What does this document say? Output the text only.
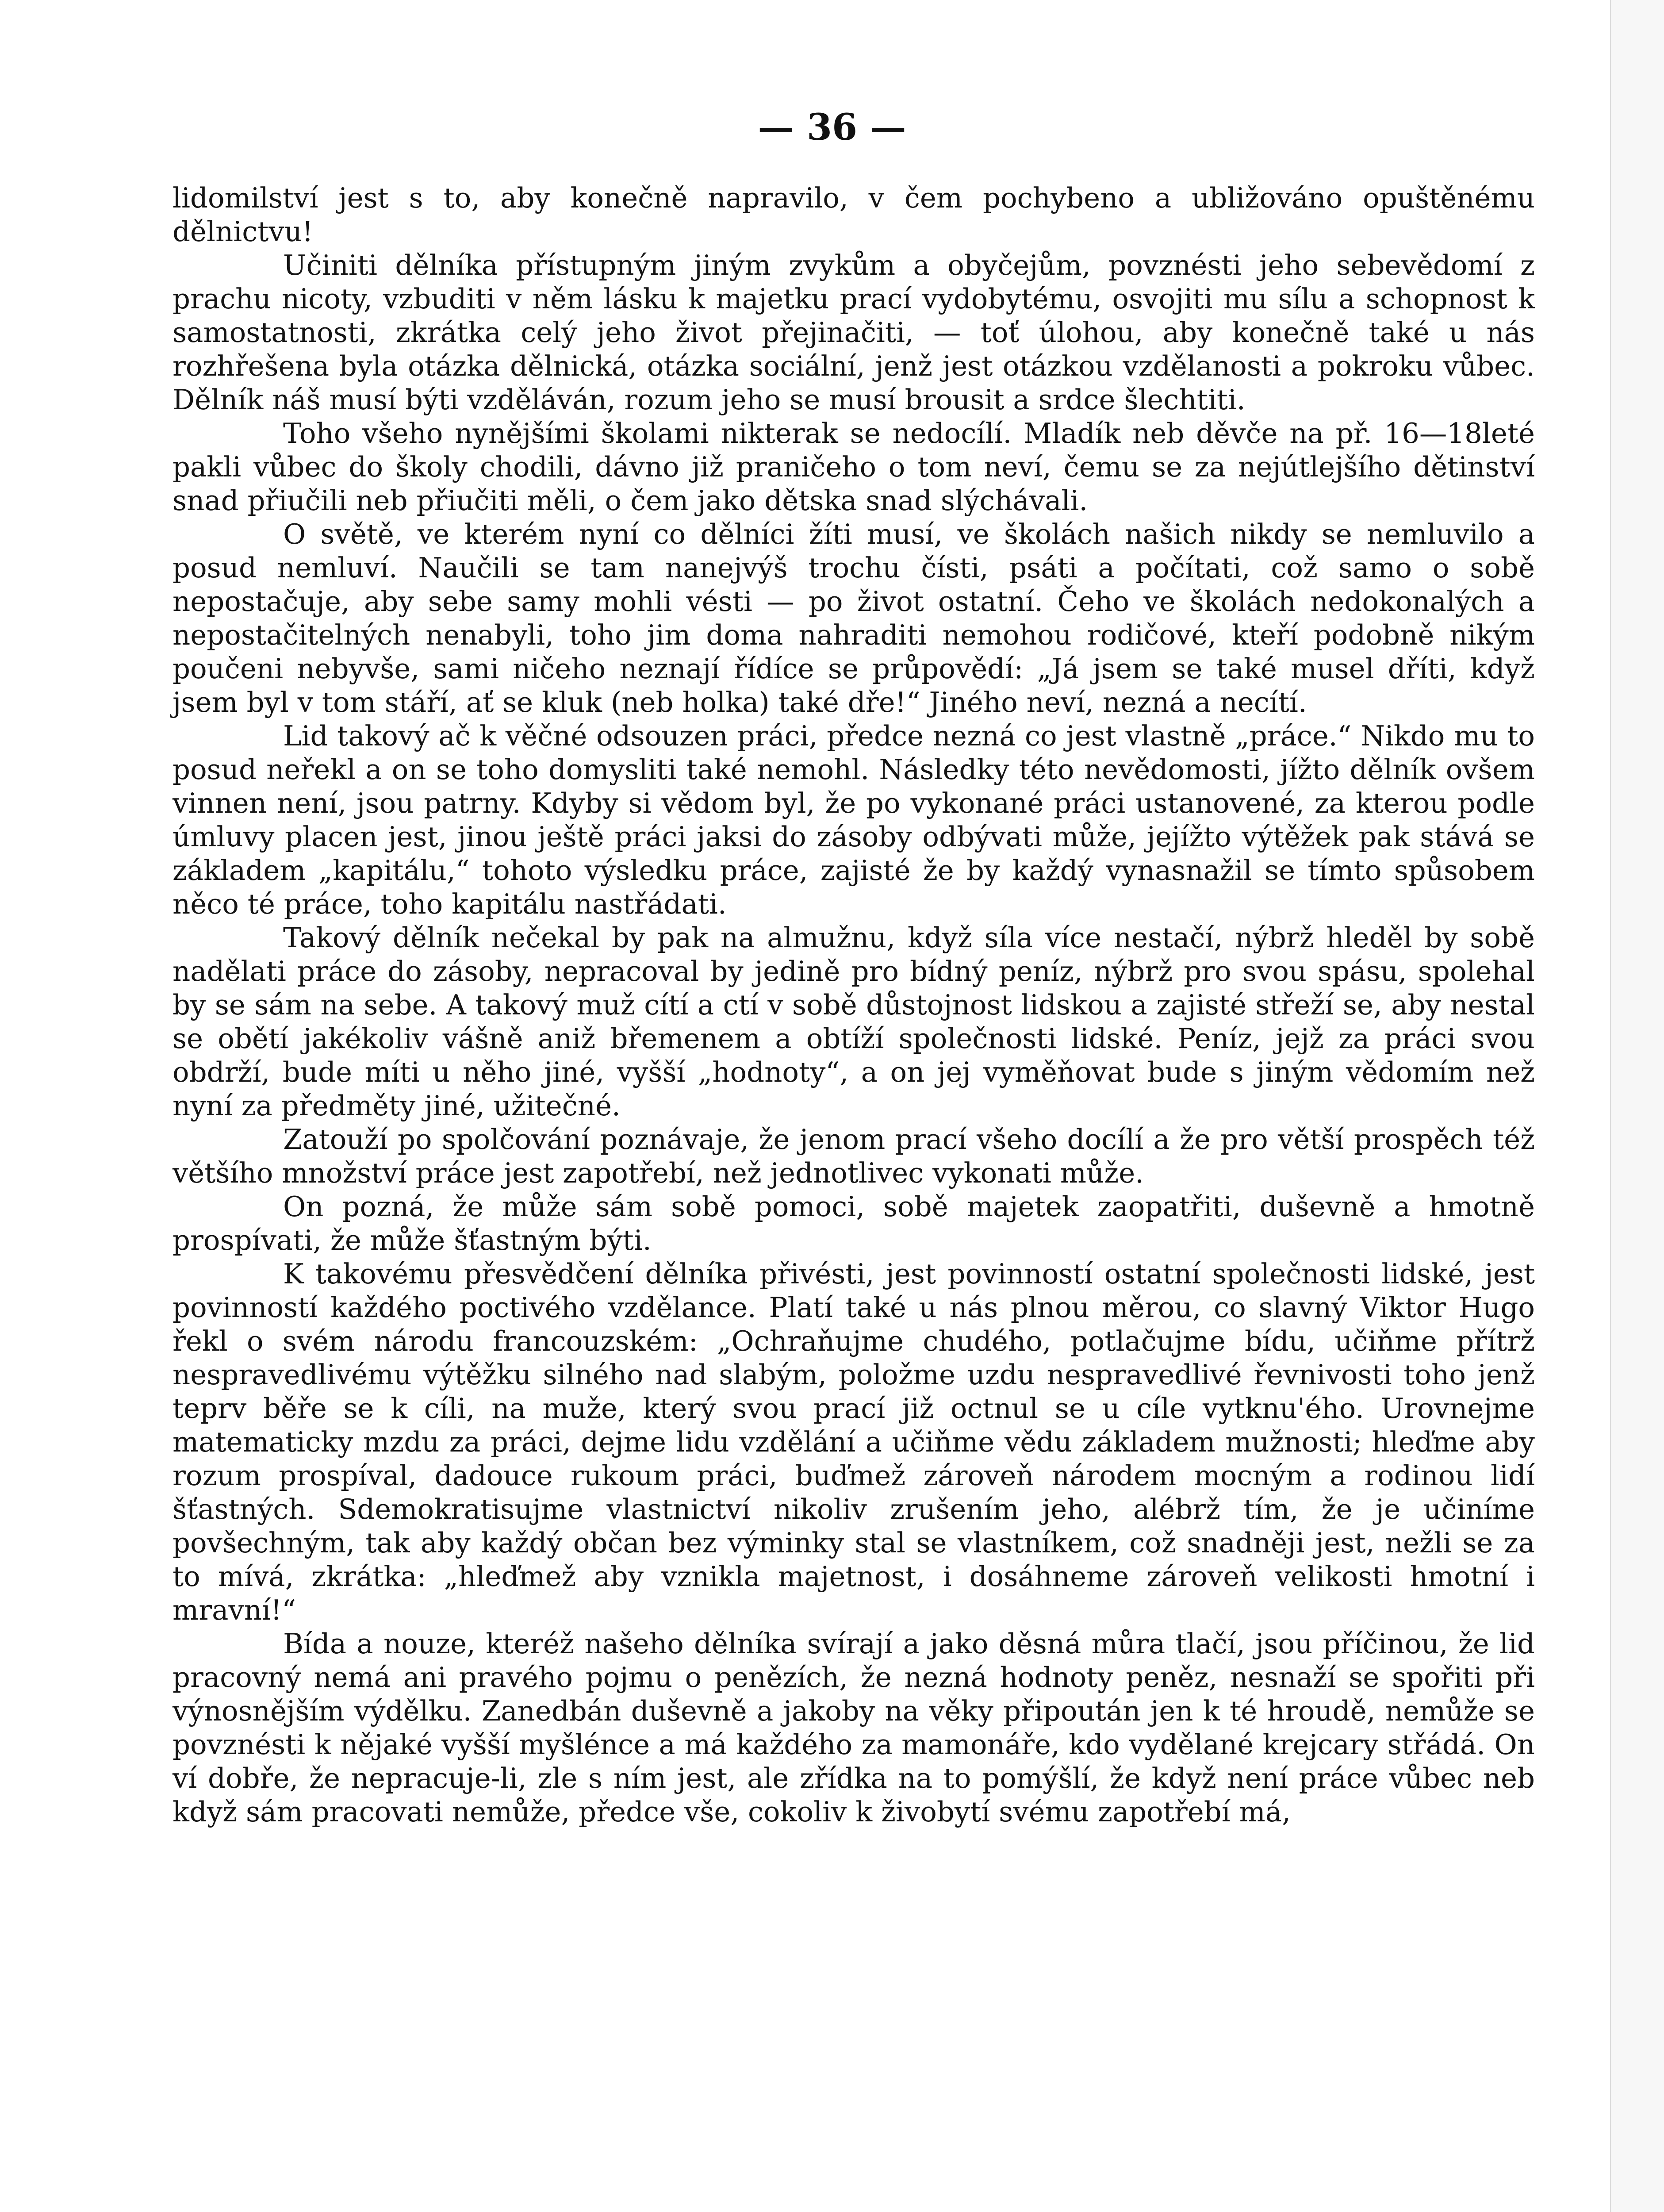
— 36 —

lidomilství jest s to, aby konečně napravilo, v čem pochybeno a ubližováno opuštěnému dělnictvu!

Učiniti dělníka přístupným jiným zvykům a obyčejům, povznésti jeho sebevědomí z prachu nicoty, vzbuditi v něm lásku k majetku prací vydobytému, osvojiti mu sílu a schopnost k samostatnosti, zkrátka celý jeho život přejinačiti, — toť úlohou, aby konečně také u nás rozhřešena byla otázka dělnická, otázka sociální, jenž jest otázkou vzdělanosti a pokroku vůbec. Dělník náš musí býti vzděláván, rozum jeho se musí brousit a srdce šlechtiti.

Toho všeho nynějšími školami nikterak se nedocílí. Mladík neb děvče na př. 16—18leté pakli vůbec do školy chodili, dávno již praničeho o tom neví, čemu se za nejútlejšího dětinství snad přiučili neb přiučiti měli, o čem jako dětska snad slýchávali.

O světě, ve kterém nyní co dělníci žíti musí, ve školách našich nikdy se nemluvilo a posud nemluví. Naučili se tam nanejvýš trochu čísti, psáti a počítati, což samo o sobě nepostačuje, aby sebe samy mohli vésti — po život ostatní. Čeho ve školách nedokonalých a nepostačitelných nenabyli, toho jim doma nahraditi nemohou rodičové, kteří podobně nikým poučeni nebyvše, sami ničeho neznají řídíce se průpovědí: „Já jsem se také musel dříti, když jsem byl v tom stáří, ať se kluk (neb holka) také dře!“ Jiného neví, nezná a necítí.

Lid takový ač k věčné odsouzen práci, předce nezná co jest vlastně „práce.“ Nikdo mu to posud neřekl a on se toho domysliti také nemohl. Následky této nevědomosti, jížto dělník ovšem vinnen není, jsou patrny. Kdyby si vědom byl, že po vykonané práci ustanovené, za kterou podle úmluvy placen jest, jinou ještě práci jaksi do zásoby odbývati může, jejížto výtěžek pak stává se základem „kapitálu,“ tohoto výsledku práce, zajisté že by každý vynasnažil se tímto spůsobem něco té práce, toho kapitálu nastřádati.

Takový dělník nečekal by pak na almužnu, když síla více nestačí, nýbrž hleděl by sobě nadělati práce do zásoby, nepracoval by jedině pro bídný peníz, nýbrž pro svou spásu, spolehal by se sám na sebe. A takový muž cítí a ctí v sobě důstojnost lidskou a zajisté střeží se, aby nestal se obětí jakékoliv vášně aniž břemenem a obtíží společnosti lidské. Peníz, jejž za práci svou obdrží, bude míti u něho jiné, vyšší „hodnoty“, a on jej vyměňovat bude s jiným vědomím než nyní za předměty jiné, užitečné.

Zatouží po spolčování poznávaje, že jenom prací všeho docílí a že pro větší prospěch též většího množství práce jest zapotřebí, než jednotlivec vykonati může.

On pozná, že může sám sobě pomoci, sobě majetek zaopatřiti, duševně a hmotně prospívati, že může šťastným býti.

K takovému přesvědčení dělníka přivésti, jest povinností ostatní společnosti lidské, jest povinností každého poctivého vzdělance. Platí také u nás plnou měrou, co slavný Viktor Hugo řekl o svém národu francouzském: „Ochraňujme chudého, potlačujme bídu, učiňme přítrž nespravedlivému výtěžku silného nad slabým, položme uzdu nespravedlivé řevnivosti toho jenž teprv běře se k cíli, na muže, který svou prací již octnul se u cíle vytknu'ého. Urovnejme matematicky mzdu za práci, dejme lidu vzdělání a učiňme vědu základem mužnosti; hleďme aby rozum prospíval, dadouce rukoum práci, buďmež zároveň národem mocným a rodinou lidí šťastných. Sdemokratisujme vlastnictví nikoliv zrušením jeho, alébrž tím, že je učiníme povšechným, tak aby každý občan bez výminky stal se vlastníkem, což snadněji jest, nežli se za to mívá, zkrátka: „hleďmež aby vznikla majetnost, i dosáhneme zároveň velikosti hmotní i mravní!“

Bída a nouze, kteréž našeho dělníka svírají a jako děsná můra tlačí, jsou příčinou, že lid pracovný nemá ani pravého pojmu o penězích, že nezná hodnoty peněz, nesnaží se spořiti při výnosnějším výdělku. Zanedbán duševně a jakoby na věky připoután jen k té hroudě, nemůže se povznésti k nějaké vyšší myšlénce a má každého za mamonáře, kdo vydělané krejcary střádá. On ví dobře, že nepracuje-li, zle s ním jest, ale zřídka na to pomýšlí, že když není práce vůbec neb když sám pracovati nemůže, předce vše, cokoliv k živobytí svému zapotřebí má,
